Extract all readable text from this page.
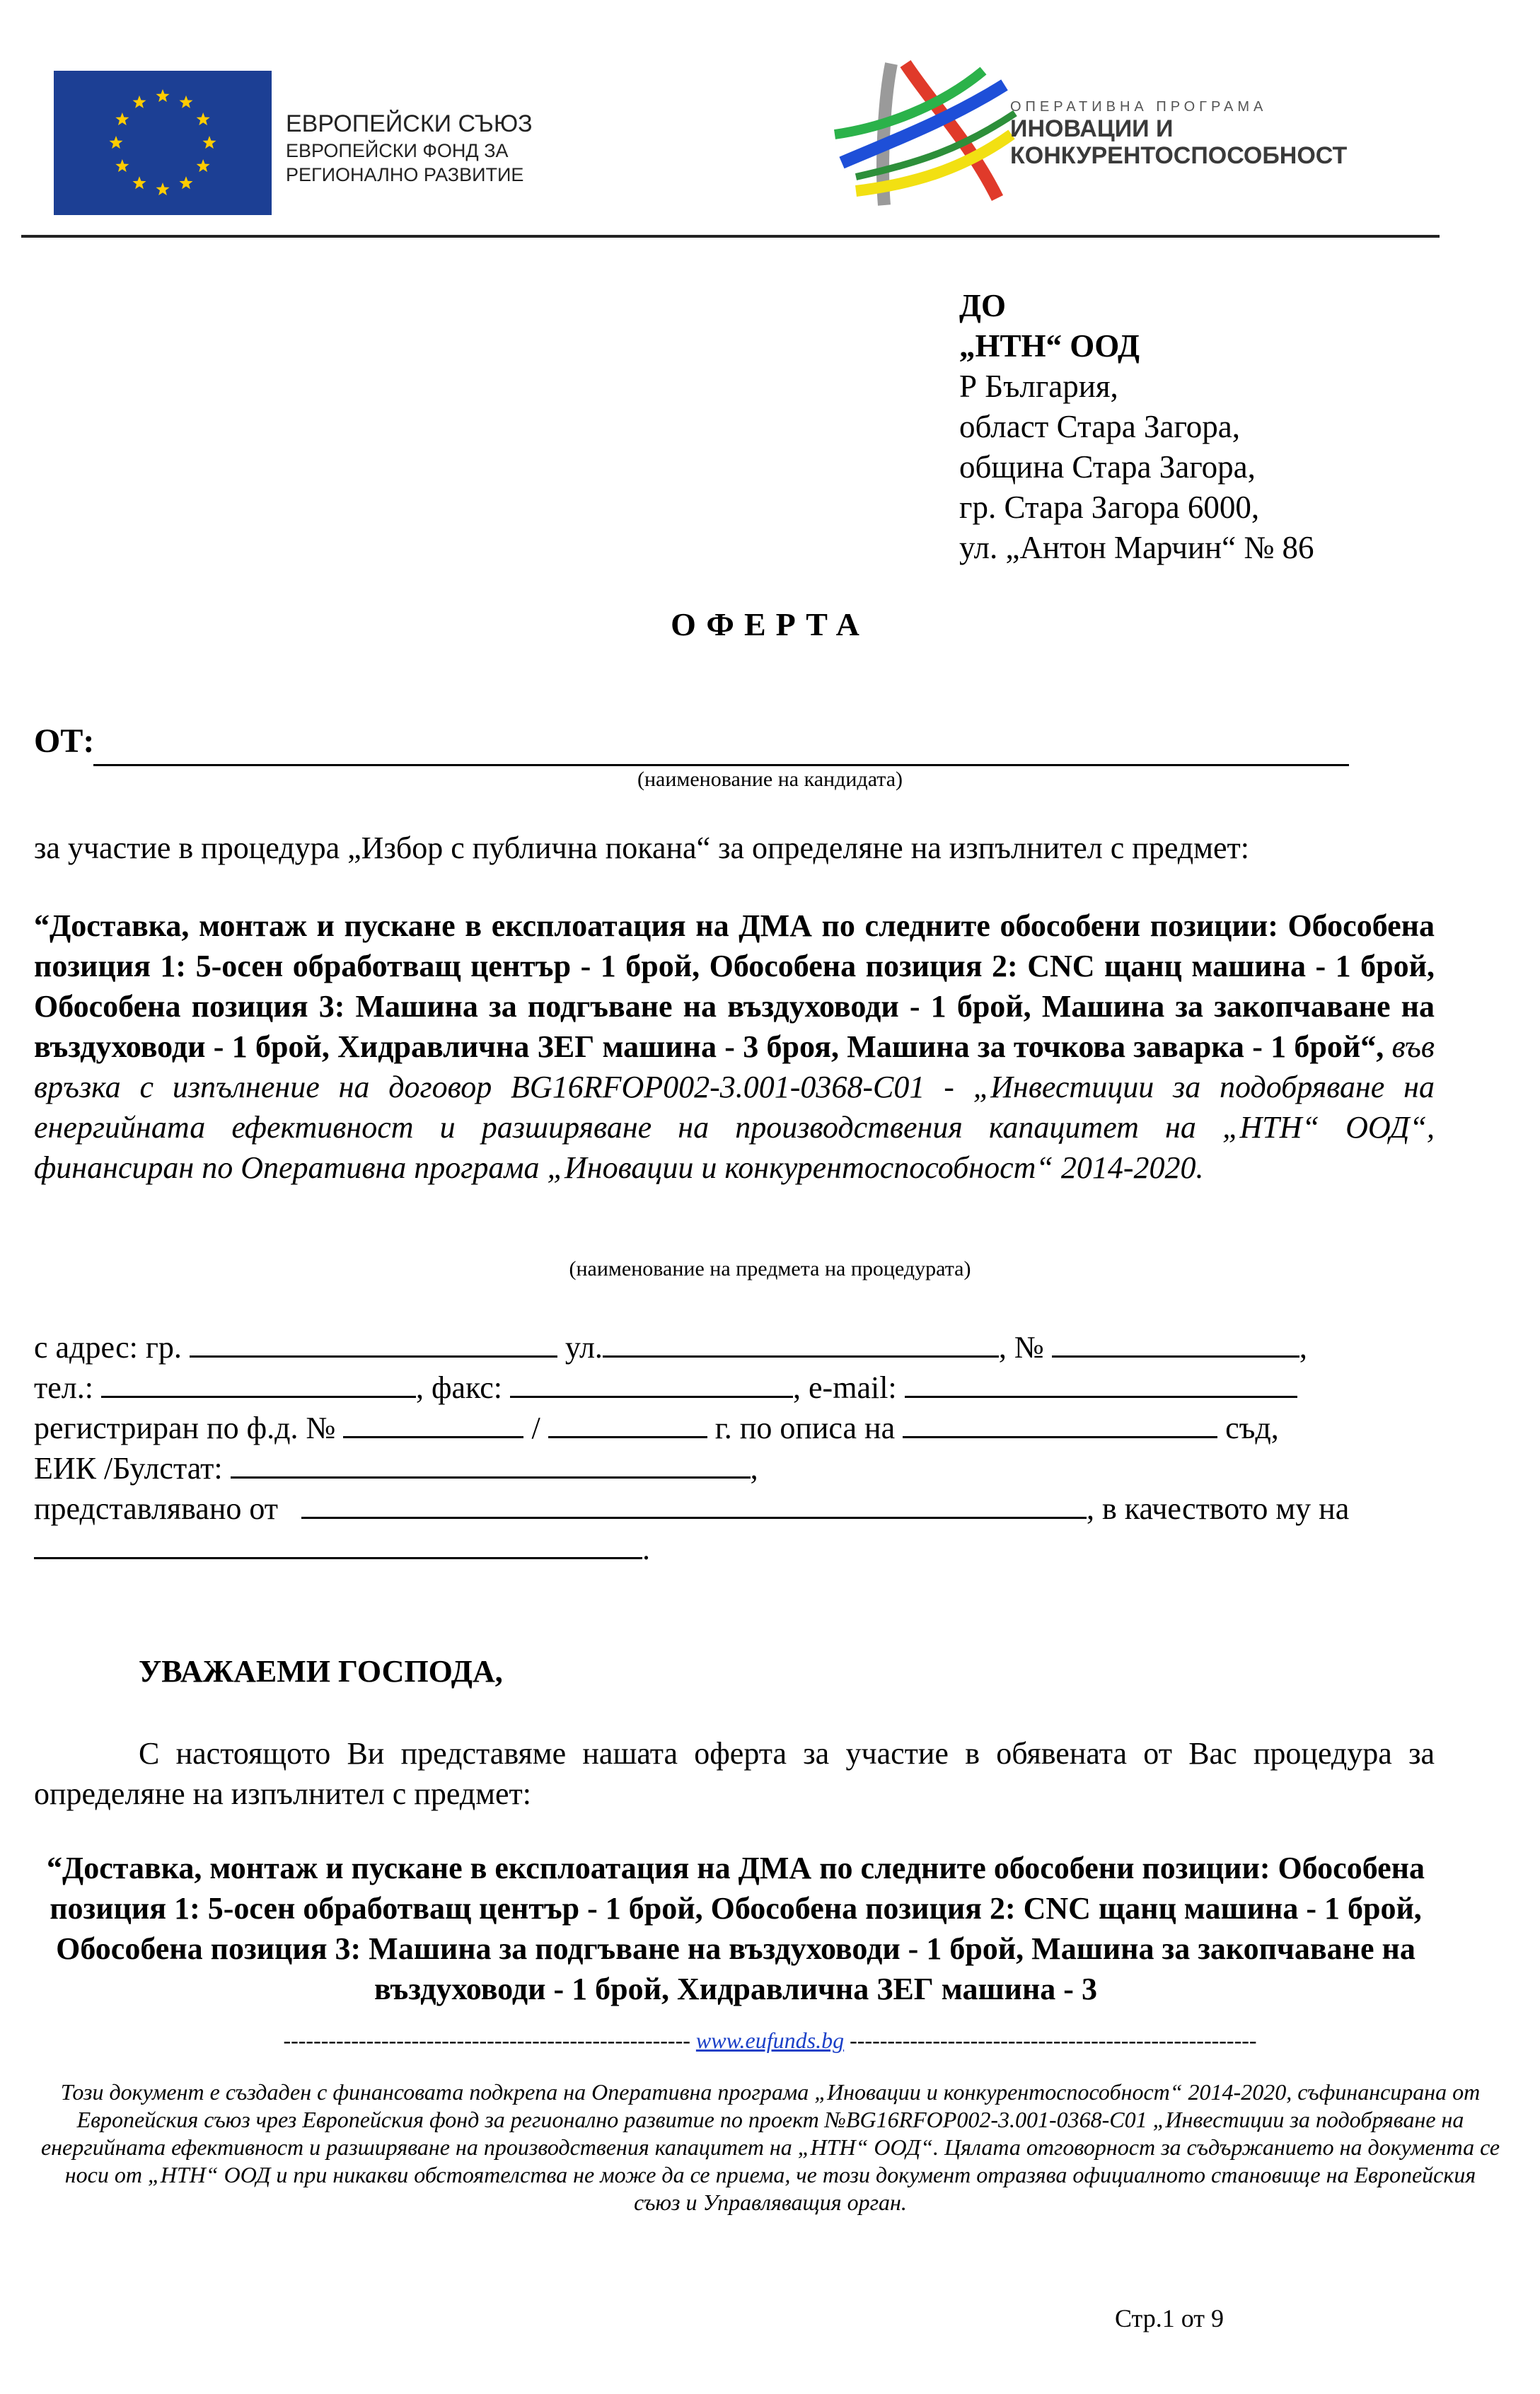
ЕВРОПЕЙСКИ СЪЮЗ
ЕВРОПЕЙСКИ ФОНД ЗА
РЕГИОНАЛНО РАЗВИТИЕ
ОПЕРАТИВНА ПРОГРАМА
ИНОВАЦИИ И
КОНКУРЕНТОСПОСОБНОСТ
ДО
„НТН“ ООД
Р България,
област Стара Загора,
община Стара Загора,
гр. Стара Загора 6000,
ул. „Антон Марчин“ № 86
ОФЕРТА
ОТ:
(наименование на кандидата)
за участие в процедура „Избор с публична покана“ за определяне на изпълнител с предмет:
“Доставка, монтаж и пускане в експлоатация на ДМА по следните обособени позиции: Обособена позиция 1: 5-осен обработващ център - 1 брой, Обособена позиция 2: CNC щанц машина - 1 брой, Обособена позиция 3: Машина за подгъване на въздуховоди - 1 брой, Машина за закопчаване на въздуховоди - 1 брой, Хидравлична ЗЕГ машина - 3 броя, Машина за точкова заварка - 1 брой“, във връзка с изпълнение на договор BG16RFOP002-3.001-0368-C01 - „Инвестиции за подобряване на енергийната ефективност и разширяване на производствения капацитет на „НТН“ ООД“, финансиран по Оперативна програма „Иновации и конкурентоспособност“ 2014-2020.
(наименование на предмета на процедурата)
с адрес: гр.	ул.	, №	,
тел.:	, факс:	, e-mail:
регистриран по ф.д. №	/	г. по описа на	съд,
ЕИК /Булстат:	,
представлявано от	, в качеството му на
.
УВАЖАЕМИ ГОСПОДА,
С настоящото Ви представяме нашата оферта за участие в обявената от Вас процедура за определяне на изпълнител с предмет:
“Доставка, монтаж и пускане в експлоатация на ДМА по следните обособени позиции: Обособена позиция 1: 5-осен обработващ център - 1 брой, Обособена позиция 2: CNC щанц машина - 1 брой, Обособена позиция 3: Машина за подгъване на въздуховоди - 1 брой, Машина за закопчаване на въздуховоди - 1 брой, Хидравлична ЗЕГ машина - 3
------------------------------------------------------ www.eufunds.bg ------------------------------------------------------
Този документ е създаден с финансовата подкрепа на Оперативна програма „Иновации и конкурентоспособност“ 2014-2020, съфинансирана от Европейския съюз чрез Европейския фонд за регионално развитие по проект №BG16RFOP002-3.001-0368-C01 „Инвестиции за подобряване на енергийната ефективност и разширяване на производствения капацитет на „НТН“ ООД“. Цялата отговорност за съдържанието на документа се носи от „НТН“ ООД и при никакви обстоятелства не може да се приема, че този документ отразява официалното становище на Европейския съюз и Управляващия орган.
Стр.1 от 9
